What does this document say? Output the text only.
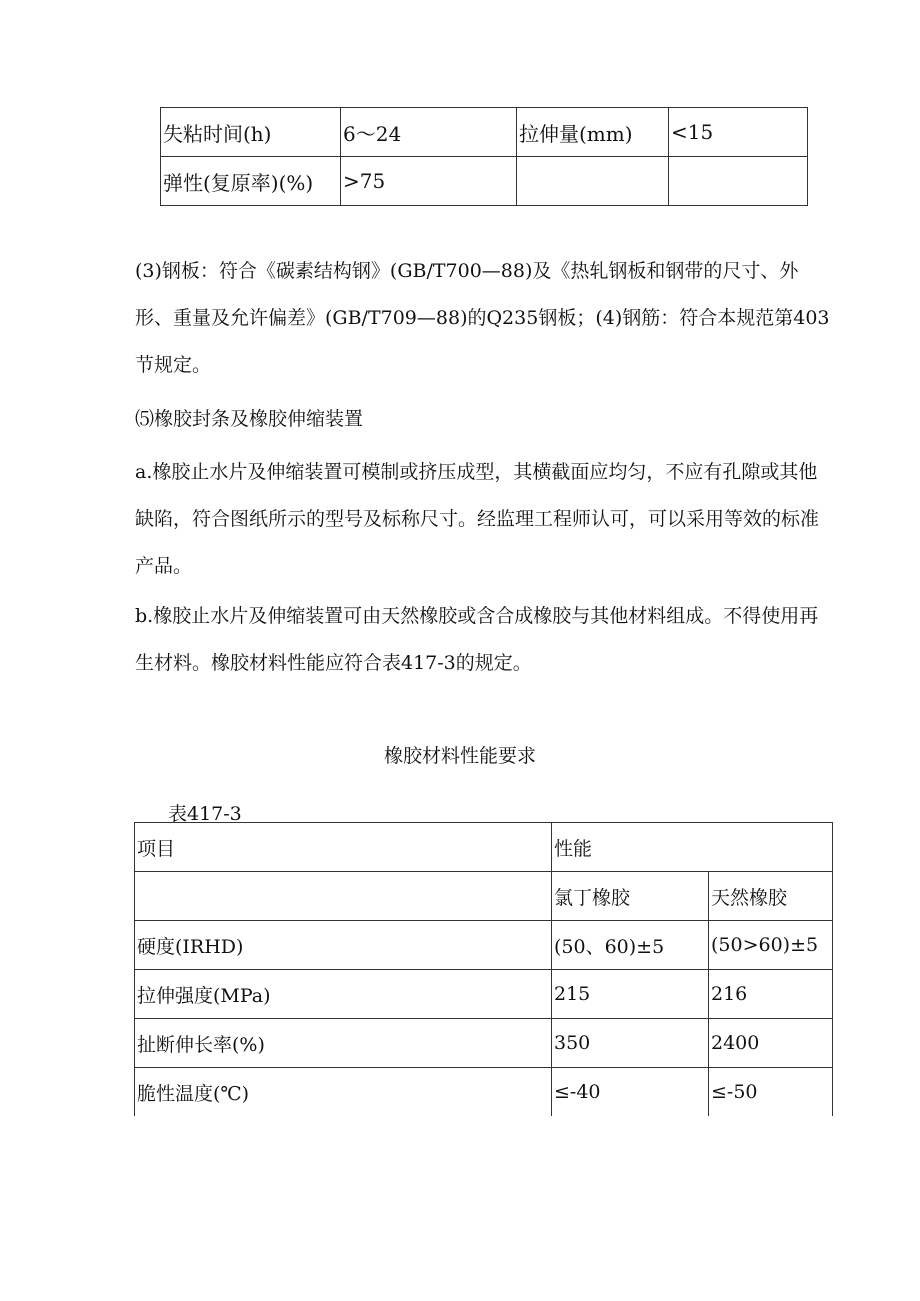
失粘时间(h)	6～24	拉伸量(mm)	<15
弹性(复原率)(%)	>75		

(3)钢板：符合《碳素结构钢》(GB/T700—88)及《热轧钢板和钢带的尺寸、外形、重量及允许偏差》(GB/T709—88)的Q235钢板；(4)钢筋：符合本规范第403节规定。

⑸橡胶封条及橡胶伸缩装置

a.橡胶止水片及伸缩装置可模制或挤压成型，其横截面应均匀，不应有孔隙或其他缺陷，符合图纸所示的型号及标称尺寸。经监理工程师认可，可以采用等效的标准产品。

b.橡胶止水片及伸缩装置可由天然橡胶或含合成橡胶与其他材料组成。不得使用再生材料。橡胶材料性能应符合表417-3的规定。

橡胶材料性能要求
表417-3
项目	性能	
	氯丁橡胶	天然橡胶
硬度(IRHD)	(50、60)±5	(50>60)±5
拉伸强度(MPa)	215	216
扯断伸长率(%)	350	2400
脆性温度(℃)	≤-40	≤-50
